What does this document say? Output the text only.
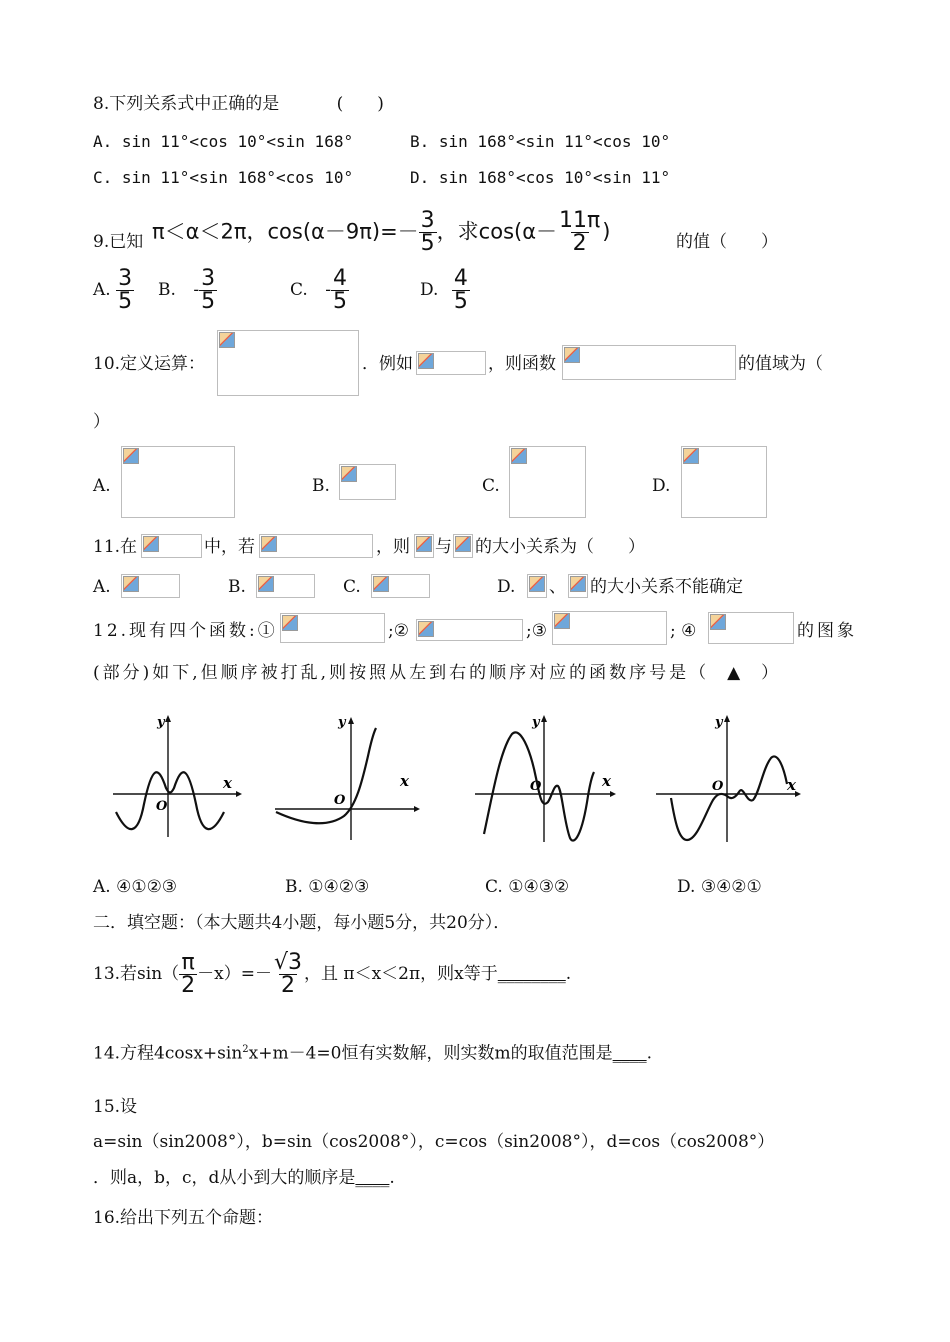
8.下列关系式中正确的是	(　　)
A. sin 11°<cos 10°<sin 168°	B. sin 168°<sin 11°<cos 10°
C. sin 11°<sin 168°<cos 10°	D. sin 168°<cos 10°<sin 11°
9.已知 π＜α＜2π，$\cos(\alpha-9\pi)=- \frac{3}{5}$ ，求$\cos(\alpha- \frac{11\pi}{2}$ )	的值（　　）
A. $\frac{3}{5} B$. - $\frac{3}{5}$	C. - $\frac{4}{5}$	D. $\frac{4}{5}$
10.定义运算：	．例如	，则函数	的值域为（
）
A.	B.	C.	D.
11.在	中，若	，则 与 的大小关系为（　　）
A.	B.	C.	D. 、 的大小关系不能确定
12.现有四个函数:①	;②	;③	; ④	的图象
(部分)如下,但顺序被打乱,则按照从左到右的顺序对应的函数序号是（ ▲ ）
x
y
O
x
y
O
x
y
O	x
y
O
A. ④①②③	B. ①④②③	C. ①④③②	D. ③④②①
二．填空题：（本大题共4小题，每小题5分，共20分）．
13.若$\sin( \frac{\pi}{2} -x)=- \frac{√3}{2}$ ，且 π＜x＜2π，则x等于________.
14.方程$4\cos x+\sin^2x+m-4=0$恒有实数解，则实数m的取值范围是____.
15.设
a=sin（sin2008°），b=sin（cos2008°），c=cos（sin2008°），d=cos（cos2008°）
．则a，b，c，d从小到大的顺序是____.
16.给出下列五个命题：
